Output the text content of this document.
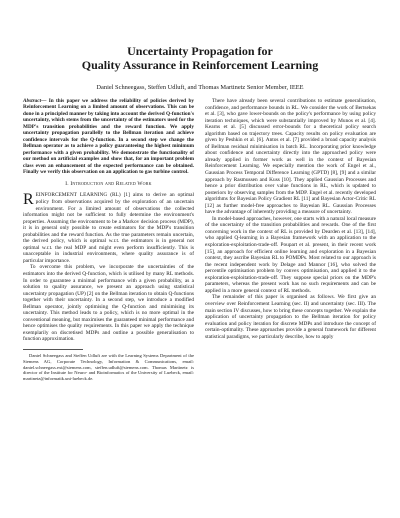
Uncertainty Propagation for
Quality Assurance in Reinforcement Learning
Daniel Schneegass, Steffen Udluft, and Thomas Martinetz Senior Member, IEEE

Abstract— In this paper we address the reliability of policies derived by Reinforcement Learning on a limited amount of observations. This can be done in a principled manner by taking into account the derived Q-function's uncertainty, which stems from the uncertainty of the estimators used for the MDP's transition probabilities and the reward function. We apply uncertainty propagation parallelly to the Bellman iteration and achieve confidence intervals for the Q-function. In a second step we change the Bellman operator as to achieve a policy guaranteeing the highest minimum performance with a given probability. We demonstrate the functionality of our method on artificial examples and show that, for an important problem class even an enhancement of the expected performance can be obtained. Finally we verify this observation on an application to gas turbine control.

I. Introduction and Related Work

REINFORCEMENT LEARNING (RL) [1] aims to derive an optimal policy from observations acquired by the exploration of an uncertain environment. For a limited amount of observations the collected information might not be sufficient to fully determine the environment's properties. Assuming the environment to be a Markov decision process (MDP), it is in general only possible to create estimators for the MDP's transition probabilities and the reward function. As the true parameters remain uncertain, the derived policy, which is optimal w.r.t. the estimators is in general not optimal w.r.t. the real MDP and might even perform insufficiently. This is unacceptable in industrial environments, where quality assurance is of particular importance.

To overcome this problem, we incorporate the uncertainties of the estimators into the derived Q-function, which is utilised by many RL methods. In order to guarantee a minimal performance with a given probability, as a solution to quality assurance, we present an approach using statistical uncertainty propagation (UP) [2] on the Bellman iteration to obtain Q-functions together with their uncertainty. In a second step, we introduce a modified Bellman operator, jointly optimising the Q-function and minimising its uncertainty. This method leads to a policy, which is no more optimal in the conventional meaning, but maximises the guaranteed minimal performance and hence optimises the quality requirements. In this paper we apply the technique exemplarily on discretised MDPs and outline a possible generalisation to function approximation.

Daniel Schneegass and Steffen Udluft are with the Learning Systems Department of the Siemens AG, Corporate Technology, Information & Communications, email: daniel.schneegass.ext@siemens.com, steffen.udluft@siemens.com. Thomas Martinetz is director of the Institute for Neuro- and Bioinformatics of the University of Luebeck, email: martinetz@informatik.uni-luebeck.de.

There have already been several contributions to estimate generalisation, confidence, and performance bounds in RL. We consider the work of Bertsekas et al. [3], who gave lower-bounds on the policy's performance by using policy iteration techniques, which were substantially improved by Munos et al. [4]. Kearns et al. [5] discussed error-bounds for a theoretical policy search algorithm based on trajectory trees. Capacity results on policy evaluation are given by Peshkin et al. [6]. Antos et al. [7] provided a broad capacity analysis of Bellman residual minimisation in batch RL. Incorporating prior knowledge about confidence and uncertainty directly into the approached policy were already applied in former work as well in the context of Bayesian Reinforcement Learning. We especially mention the work of Engel et al., Gaussian Process Temporal Difference Learning (GPTD) [8], [9] and a similar approach by Rasmussen and Kuss [10]. They applied Gaussian Processes and hence a prior distribution over value functions in RL, which is updated to posteriors by observing samples from the MDP. Engel et al. recently developed algorithms for Bayesian Policy Gradient RL [11] and Bayesian Actor-Critic RL [12] as further model-free approaches to Bayesian RL. Gaussian Processes have the advantage of inherently providing a measure of uncertainty.

In model-based approaches, however, one starts with a natural local measure of the uncertainty of the transition probabilities and rewards. One of the first concerning work in the context of RL is provided by Dearden et al. [13], [14], who applied Q-learning in a Bayesian framework with an application to the exploration-exploitation-trade-off. Poupart et al. present, in their recent work [15], an approach for efficient online learning and exploration in a Bayesian context, they ascribe Bayesian RL to POMDPs. Most related to our approach is the recent independent work by Delage and Mannor [16], who solved the percentile optimisation problem by convex optimisation, and applied it to the exploration-exploitation-trade-off. They suppose special priors on the MDP's parameters, whereas the present work has no such requirements and can be applied in a more general context of RL methods.

The remainder of this paper is organised as follows. We first give an overview over Reinforcement Learning (sec. II) and uncertainty (sec. III). The main section IV discusses, how to bring these concepts together. We explain the application of uncertainty propagation to the Bellman iteration for policy evaluation and policy iteration for discrete MDPs and introduce the concept of certain-optimality. These approaches provide a general framework for different statistical paradigms, we particularly describe, how to apply
